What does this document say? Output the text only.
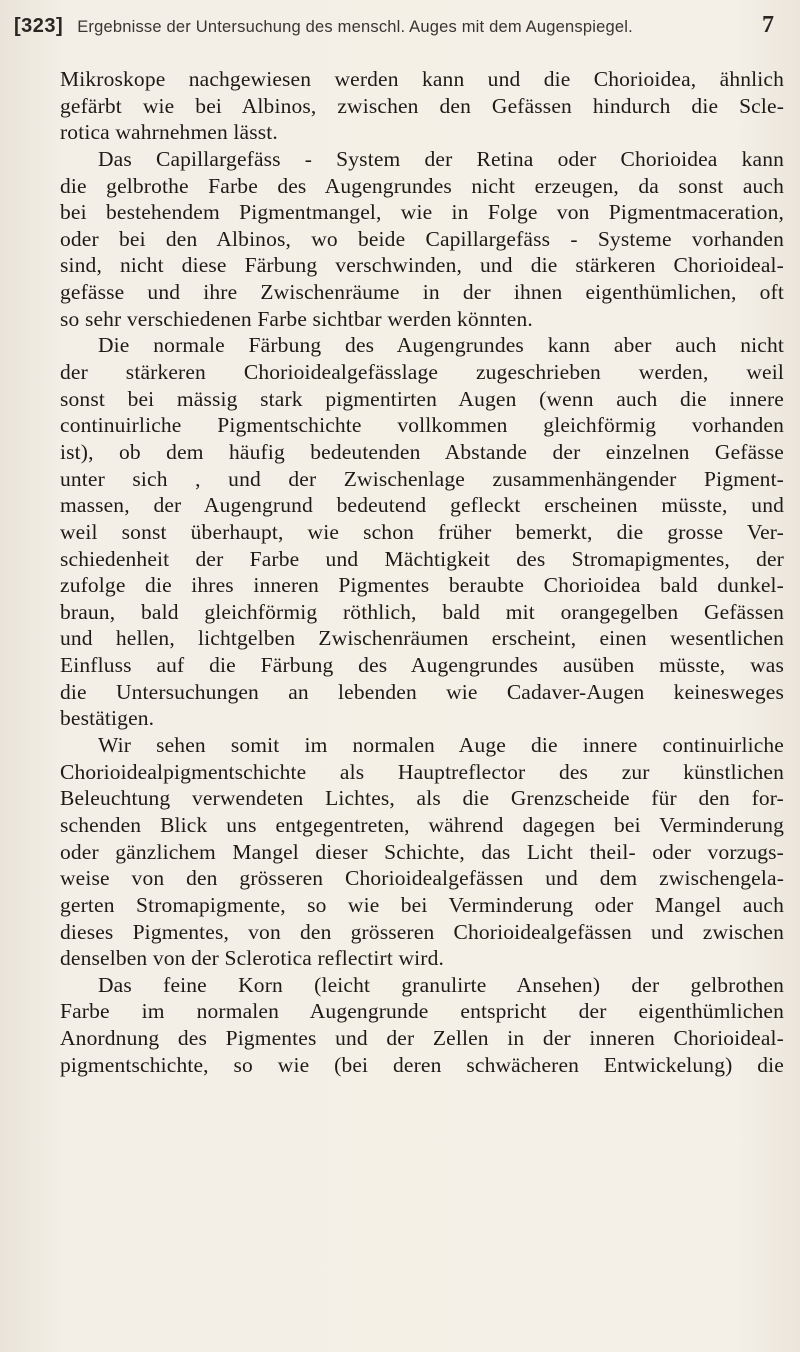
[323] Ergebnisse der Untersuchung des menschl. Auges mit dem Augenspiegel.	7
Mikroskope nachgewiesen werden kann und die Chorioidea, ähnlich
gefärbt wie bei Albinos, zwischen den Gefässen hindurch die Scle-
rotica wahrnehmen lässt.
Das Capillargefäss - System der Retina oder Chorioidea kann
die gelbrothe Farbe des Augengrundes nicht erzeugen, da sonst auch
bei bestehendem Pigmentmangel, wie in Folge von Pigmentmaceration,
oder bei den Albinos, wo beide Capillargefäss - Systeme vorhanden
sind, nicht diese Färbung verschwinden, und die stärkeren Chorioideal-
gefässe und ihre Zwischenräume in der ihnen eigenthümlichen, oft
so sehr verschiedenen Farbe sichtbar werden könnten.
Die normale Färbung des Augengrundes kann aber auch nicht
der stärkeren Chorioidealgefässlage zugeschrieben werden, weil
sonst bei mässig stark pigmentirten Augen (wenn auch die innere
continuirliche Pigmentschichte vollkommen gleichförmig vorhanden
ist), ob dem häufig bedeutenden Abstande der einzelnen Gefässe
unter sich , und der Zwischenlage zusammenhängender Pigment-
massen, der Augengrund bedeutend gefleckt erscheinen müsste, und
weil sonst überhaupt, wie schon früher bemerkt, die grosse Ver-
schiedenheit der Farbe und Mächtigkeit des Stromapigmentes, der
zufolge die ihres inneren Pigmentes beraubte Chorioidea bald dunkel-
braun, bald gleichförmig röthlich, bald mit orangegelben Gefässen
und hellen, lichtgelben Zwischenräumen erscheint, einen wesentlichen
Einfluss auf die Färbung des Augengrundes ausüben müsste, was
die Untersuchungen an lebenden wie Cadaver-Augen keinesweges
bestätigen.
Wir sehen somit im normalen Auge die innere continuirliche
Chorioidealpigmentschichte als Hauptreflector des zur künstlichen
Beleuchtung verwendeten Lichtes, als die Grenzscheide für den for-
schenden Blick uns entgegentreten, während dagegen bei Verminderung
oder gänzlichem Mangel dieser Schichte, das Licht theil- oder vorzugs-
weise von den grösseren Chorioidealgefässen und dem zwischengela-
gerten Stromapigmente, so wie bei Verminderung oder Mangel auch
dieses Pigmentes, von den grösseren Chorioidealgefässen und zwischen
denselben von der Sclerotica reflectirt wird.
Das feine Korn (leicht granulirte Ansehen) der gelbrothen
Farbe im normalen Augengrunde entspricht der eigenthümlichen
Anordnung des Pigmentes und der Zellen in der inneren Chorioideal-
pigmentschichte, so wie (bei deren schwächeren Entwickelung) die
